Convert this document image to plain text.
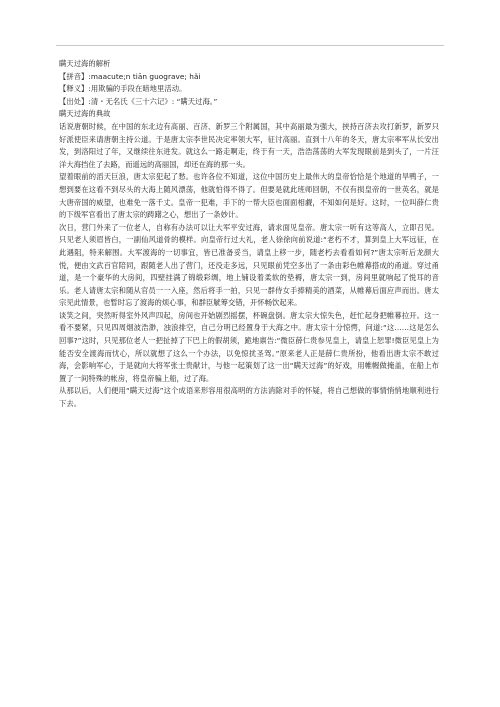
瞒天过海的解析

【拼音】:maacute;n tiān guogravе; hǎi

【释义】:用欺骗的手段在暗地里活动。

【出处】:清・无名氏《三十六记》: “瞒天过海。”

瞒天过海的典故

话说唐朝时候，在中国的东北边有高丽、百济、新罗三个附属国，其中高丽最为强大，挟持百济去攻打新罗，新罗只好派使臣来请唐朝主持公道。于是唐太宗李世民决定率领大军，征讨高丽。直到十八年的冬天，唐太宗率军从长安出发，到洛阳过了年，又继续往东进发。就这么一路走啊走，终于有一天，浩浩荡荡的大军发现眼前是到头了，一片汪洋大海挡住了去路，而遥远的高丽国，却还在海的那一头。

望着眼前的滔天巨浪，唐太宗犯起了愁。也许各位不知道，这位中国历史上最伟大的皇帝恰恰是个地道的旱鸭子，一想到要在这看不到尽头的大海上随风漂荡，他就怕得不得了。但要是就此班师回朝，不仅有损皇帝的一世英名，就是大唐帝国的威望，也难免一落千丈。皇帝一犯难，手下的一帮大臣也面面相觑，不知如何是好。这时，一位叫薛仁贵的下级军官看出了唐太宗的踌躇之心，想出了一条妙计。

次日，营门外来了一位老人，自称有办法可以让大军平安过海，请求面见皇帝。唐太宗一听有这等高人，立即召见。只见老人须眉皆白，一副仙风道骨的模样。向皇帝行过大礼，老人徐徐向前说道:“老朽不才，算到皇上大军远征，在此遇阻，特来解围。大军渡海的一切事宜，皆已准备妥当，请皇上移一步，随老朽去看看如何?”唐太宗听后龙颜大悦，便由文武百官陪同，跟随老人出了营门，还没走多远，只见眼前凭空多出了一条由彩色帷幕搭成的甬道。穿过甬道，是一个豪华的大房间，四壁挂满了锦缎彩绸，地上铺设着柔软的垫褥，唐太宗一到，房间里就响起了悦耳的音乐。老人请唐太宗和随从官员一一入座，然后将手一拍，只见一群侍女手捧精美的酒菜，从帷幕后面应声而出。唐太宗见此情景，也暂时忘了渡海的烦心事，和群臣觥筹交错，开怀畅饮起来。

谈笑之间，突然听得室外风声四起，房间也开始剧烈摇摆，杯碗盘倒。唐太宗大惊失色，赶忙起身把帷幕拉开。这一看不要紧，只见四周烟波浩渺，浊浪排空，自己分明已经置身于大海之中。唐太宗十分惊愕，问道:“这……这是怎么回事?”这时，只见那位老人一把扯掉了下巴上的假胡须，跪地禀告:“微臣薛仁贵参见皇上，请皇上恕罪!微臣见皇上为能否安全渡海而忧心，所以就想了这么一个办法，以免惊扰圣驾。”原来老人正是薛仁贵所扮，他看出唐太宗不敢过海，会影响军心，于是就向大将军张士贵献计，与他一起策划了这一出“瞒天过海”的好戏，用帷幄做掩盖，在船上布置了一间特殊的帐房，将皇帝骗上船，过了海。

从那以后，人们便用“瞒天过海”这个成语来形容用很高明的方法消除对手的怀疑，将自己想做的事情悄悄地顺利进行下去。
